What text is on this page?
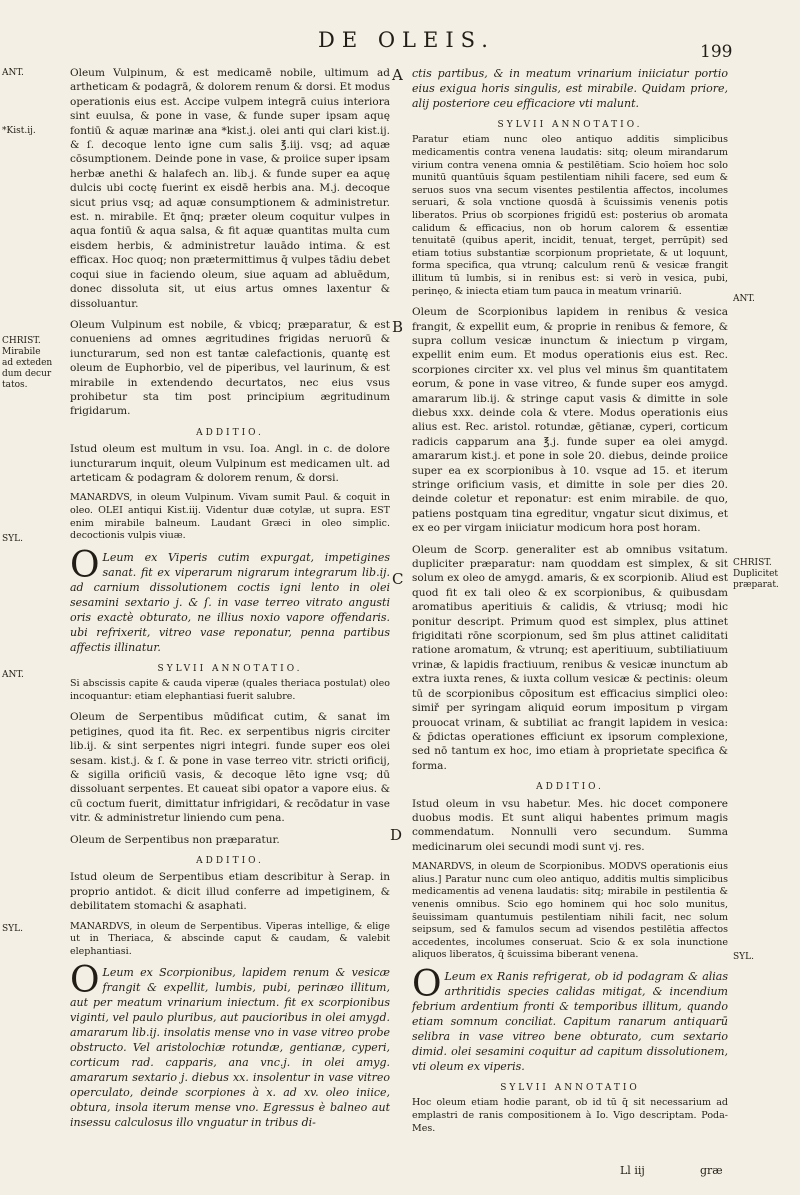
DE OLEIS.	199
ANT.
*Kist.ij.
CHRIST.
Mirabile
ad exteden
dum decur
tatos.
SYL.
ANT.
SYL.
ANT.
CHRIST.
Duplicitet
præparat.
SYL.
A
B
C
D

Oleum Vulpinum, & est medicamē nobile, ultimum ad artheticam & podagrā, & dolorem renum & dorsi. Et modus operationis eius est. Accipe vulpem integrā cuius interiora sint euulsa, & pone in vase, & funde super ipsam aquę fontiū & aquæ marinæ ana *kist.j. olei anti qui clari kist.ij. & ſ. decoque lento igne cum salis ℥.iij. vsq; ad aquæ cōsumptionem. Deinde pone in vase, & proiice super ipsam herbæ anethi & halafech an. lib.j. & funde super ea aquę dulcis ubi coctę fuerint ex eisdē herbis ana. M.j. decoque sicut prius vsq; ad aquæ consumptionem & administretur. est. n. mirabile. Et q̄nq; præter oleum coquitur vulpes in aqua fontiū & aqua salsa, & fit aquæ quantitas multa cum eisdem herbis, & administretur lauādo intima. & est efficax. Hoc quoq; non prætermittimus q̄ vulpes tādiu debet coqui siue in faciendo oleum, siue aquam ad abluēdum, donec dissoluta sit, ut eius artus omnes laxentur & dissoluantur.

Oleum Vulpinum est nobile, & vbicq; præparatur, & est conueniens ad omnes ægritudines frigidas neruorū & iuncturarum, sed non est tantæ calefactionis, quantę est oleum de Euphorbio, vel de piperibus, vel laurinum, & est mirabile in extendendo decurtatos, nec eius vsus prohibetur sta tim post principium ægritudinum frigidarum.

ADDITIO.

Istud oleum est multum in vsu. Ioa. Angl. in c. de dolore iuncturarum inquit, oleum Vulpinum est medicamen ult. ad arteticam & podagram & dolorem renum, & dorsi.

MANARDVS, in oleum Vulpinum. Vivam sumit Paul. & coquit in oleo. OLEI antiqui Kist.iij. Videntur duæ cotylæ, ut supra. EST enim mirabile balneum. Laudant Græci in oleo simplic. decoctionis vulpis viuæ.

O Leum ex Viperis cutim expurgat, impetigines sanat. fit ex viperarum nigrarum integrarum lib.ij. ad carnium dissolutionem coctis igni lento in olei sesamini sextario j. & ſ. in vase terreo vitrato angusti oris exactè obturato, ne illius noxio vapore offendaris. ubi refrixerit, vitreo vase reponatur, penna partibus affectis illinatur.

SYLVII ANNOTATIO.

Si abscissis capite & cauda viperæ (quales theriaca postulat) oleo incoquantur: etiam elephantiasi fuerit salubre.

Oleum de Serpentibus mūdificat cutim, & sanat im petigines, quod ita fit. Rec. ex serpentibus nigris circiter lib.ij. & sint serpentes nigri integri. funde super eos olei sesam. kist.j. & ſ. & pone in vase terreo vitr. stricti orificij, & sigilla orificiū vasis, & decoque lēto igne vsq; dū dissoluant serpentes. Et caueat sibi opator a vapore eius. & cū coctum fuerit, dimittatur infrigidari, & recōdatur in vase vitr. & administretur liniendo cum pena.

Oleum de Serpentibus non præparatur.

ADDITIO.

Istud oleum de Serpentibus etiam describitur à Serap. in proprio antidot. & dicit illud conferre ad impetiginem, & debilitatem stomachi & asaphati.

MANARDVS, in oleum de Serpentibus. Viperas intellige, & elige ut in Theriaca, & abscinde caput & caudam, & valebit elephantiasi.

O Leum ex Scorpionibus, lapidem renum & vesicæ frangit & expellit, lumbis, pubi, perinæo illitum, aut per meatum vrinarium iniectum. fit ex scorpionibus viginti, vel paulo pluribus, aut paucioribus in olei amygd. amararum lib.ij. insolatis mense vno in vase vitreo probe obstructo. Vel aristolochiæ rotundæ, gentianæ, cyperi, corticum rad. capparis, ana vnc.j. in olei amyg. amararum sextario j. diebus xx. insolentur in vase vitreo operculato, deinde scorpiones à x. ad xv. oleo iniice, obtura, insola iterum mense vno. Egressus è balneo aut insessu calculosus illo vnguatur in tribus di-

ctis partibus, & in meatum vrinarium iniiciatur portio eius exigua horis singulis, est mirabile. Quidam priore, alij posteriore ceu efficaciore vti malunt.

SYLVII ANNOTATIO.

Paratur etiam nunc oleo antiquo additis simplicibus medicamentis contra venena laudatis: sitq; oleum mirandarum virium contra venena omnia & pestilētiam. Scio hoīem hoc solo munitū quantūuis s̄quam pestilentiam nihili facere, sed eum & seruos suos vna secum visentes pestilentia affectos, incolumes seruari, & sola vnctione quosdā à s̄cuissimis venenis potis liberatos. Prius ob scorpiones frigidū est: posterius ob aromata calidum & efficacius, non ob horum calorem & essentiæ tenuitatē (quibus aperit, incidit, tenuat, terget, perrūpit) sed etiam totius substantiæ scorpionum proprietate, & ut loquunt, forma specifica, qua vtrunq; calculum renū & vesicæ frangit illitum tū lumbis, si in renibus est: si verò in vesica, pubi, perinęo, & iniecta etiam tum pauca in meatum vrinariū.

Oleum de Scorpionibus lapidem in renibus & vesica frangit, & expellit eum, & proprie in renibus & femore, & supra collum vesicæ inunctum & iniectum p virgam, expellit enim eum. Et modus operationis eius est. Rec. scorpiones circiter xx. vel plus vel minus s̄m quantitatem eorum, & pone in vase vitreo, & funde super eos amygd. amararum lib.ij. & stringe caput vasis & dimitte in sole diebus xxx. deinde cola & vtere. Modus operationis eius alius est. Rec. aristol. rotundæ, gētianæ, cyperi, corticum radicis capparum ana ℥.j. funde super ea olei amygd. amararum kist.j. et pone in sole 20. diebus, deinde proiice super ea ex scorpionibus à 10. vsque ad 15. et iterum stringe orificium vasis, et dimitte in sole per dies 20. deinde coletur et reponatur: est enim mirabile. de quo, patiens postquam tina egreditur, vngatur sicut diximus, et ex eo per virgam iniiciatur modicum hora post horam.

Oleum de Scorp. generaliter est ab omnibus vsitatum. dupliciter præparatur: nam quoddam est simplex, & sit solum ex oleo de amygd. amaris, & ex scorpionib. Aliud est quod fit ex tali oleo & ex scorpionibus, & quibusdam aromatibus aperitiuis & calidis, & vtriusq; modi hic ponitur descript. Primum quod est simplex, plus attinet frigiditati rōne scorpionum, sed s̄m plus attinet caliditati ratione aromatum, & vtrunq; est aperitiuum, subtiliatiuum vrinæ, & lapidis fractiuum, renibus & vesicæ inunctum ab extra iuxta renes, & iuxta collum vesicæ & pectinis: oleum tū de scorpionibus cōpositum est efficacius simplici oleo: simiř per syringam aliquid eorum impositum p virgam prouocat vrinam, & subtiliat ac frangit lapidem in vesica: & p̄dictas operationes efficiunt ex ipsorum complexione, sed nō tantum ex hoc, imo etiam à proprietate specifica & forma.

ADDITIO.

Istud oleum in vsu habetur. Mes. hic docet componere duobus modis. Et sunt aliqui habentes primum magis commendatum. Nonnulli vero secundum. Summa medicinarum olei secundi modi sunt vj. res.

MANARDVS, in oleum de Scorpionibus. MODVS operationis eius alius.] Paratur nunc cum oleo antiquo, additis multis simplicibus medicamentis ad venena laudatis: sitq; mirabile in pestilentia & venenis omnibus. Scio ego hominem qui hoc solo munitus, s̄euissimam quantumuis pestilentiam nihili facit, nec solum seipsum, sed & famulos secum ad visendos pestilētia affectos accedentes, incolumes conseruat. Scio & ex sola inunctione aliquos liberatos, q̄ s̄cuissima biberant venena.

O Leum ex Ranis refrigerat, ob id podagram & alias arthritidis species calidas mitigat, & incendium febrium ardentium fronti & temporibus illitum, quando etiam somnum conciliat. Capitum ranarum antiquarū selibra in vase vitreo bene obturato, cum sextario dimid. olei sesamini coquitur ad capitum dissolutionem, vti oleum ex viperis.

SYLVII ANNOTATIO

Hoc oleum etiam hodie parant, ob id tū q̄ sit necessarium ad emplastri de ranis compositionem à Io. Vigo descriptam. Poda-Mes.

Ll iij	græ
